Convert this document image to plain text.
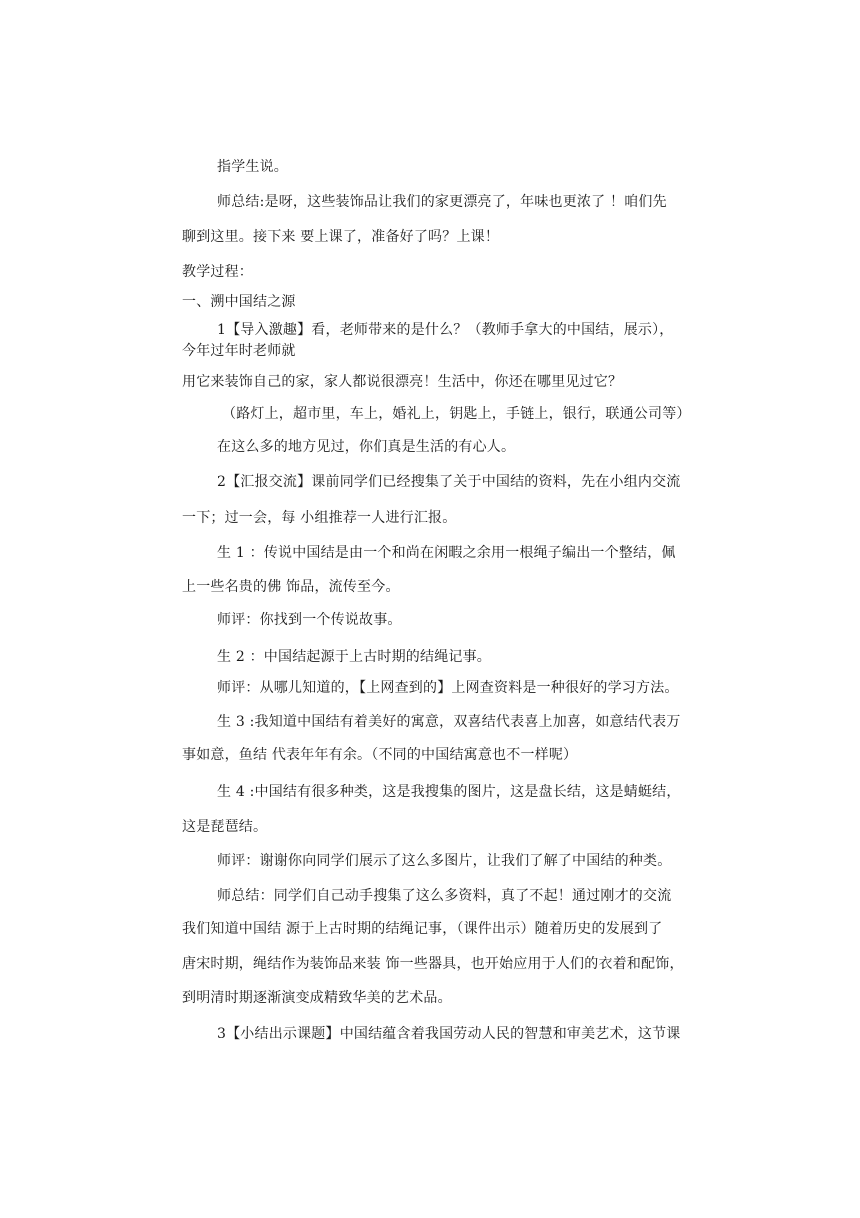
指学生说。
师总结:是呀，这些装饰品让我们的家更漂亮了，年味也更浓了 ！咱们先
聊到这里。接下来 要上课了，准备好了吗？上课！
教学过程：
一、溯中国结之源
1【导入激趣】看，老师带来的是什么？（教师手拿大的中国结，展示），
今年过年时老师就
用它来装饰自己的家，家人都说很漂亮！生活中，你还在哪里见过它？
（路灯上，超市里，车上，婚礼上，钥匙上，手链上，银行，联通公司等）
在这么多的地方见过，你们真是生活的有心人。
2【汇报交流】课前同学们已经搜集了关于中国结的资料，先在小组内交流
一下；过一会，每 小组推荐一人进行汇报。
生 1 ：传说中国结是由一个和尚在闲暇之余用一根绳子编出一个整结，佩
上一些名贵的佛 饰品，流传至今。
师评：你找到一个传说故事。
生 2 ：中国结起源于上古时期的结绳记事。
师评：从哪儿知道的，【上网查到的】上网查资料是一种很好的学习方法。
生 3 :我知道中国结有着美好的寓意，双喜结代表喜上加喜，如意结代表万
事如意，鱼结 代表年年有余。（不同的中国结寓意也不一样呢）
生 4 :中国结有很多种类，这是我搜集的图片，这是盘长结，这是蜻蜓结，
这是琵琶结。
师评：谢谢你向同学们展示了这么多图片，让我们了解了中国结的种类。
师总结：同学们自己动手搜集了这么多资料，真了不起！通过刚才的交流
我们知道中国结 源于上古时期的结绳记事，（课件出示）随着历史的发展到了
唐宋时期，绳结作为装饰品来装 饰一些器具，也开始应用于人们的衣着和配饰，
到明清时期逐渐演变成精致华美的艺术品。
3【小结出示课题】中国结蕴含着我国劳动人民的智慧和审美艺术，这节课
